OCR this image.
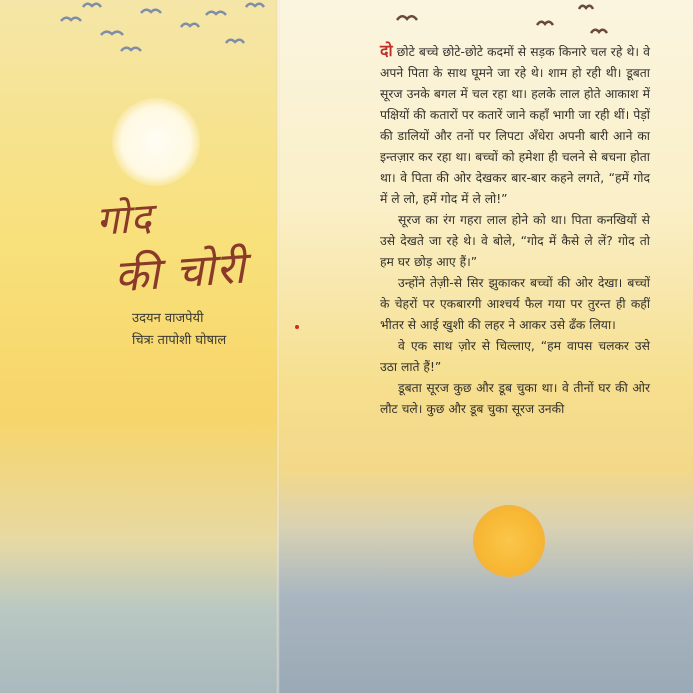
गोद
की चोरी
उदयन वाजपेयी
चित्रः तापोशी घोषाल

दो छोटे बच्चे छोटे-छोटे कदमों से सड़क किनारे चल रहे थे। वे अपने पिता के साथ घूमने जा रहे थे। शाम हो रही थी। डूबता सूरज उनके बगल में चल रहा था। हलके लाल होते आकाश में पक्षियों की कतारों पर कतारें जाने कहाँ भागी जा रही थीं। पेड़ों की डालियों और तनों पर लिपटा अँधेरा अपनी बारी आने का इन्तज़ार कर रहा था। बच्चों को हमेशा ही चलने से बचना होता था। वे पिता की ओर देखकर बार-बार कहने लगते, “हमें गोद में ले लो, हमें गोद में ले लो!”

सूरज का रंग गहरा लाल होने को था। पिता कनखियों से उसे देखते जा रहे थे। वे बोले, “गोद में कैसे ले लें? गोद तो हम घर छोड़ आए हैं।”

उन्होंने तेज़ी-से सिर झुकाकर बच्चों की ओर देखा। बच्चों के चेहरों पर एकबारगी आश्चर्य फैल गया पर तुरन्त ही कहीं भीतर से आई खुशी की लहर ने आकर उसे ढँक लिया।

वे एक साथ ज़ोर से चिल्लाए, “हम वापस चलकर उसे उठा लाते हैं!”

डूबता सूरज कुछ और डूब चुका था। वे तीनों घर की ओर लौट चले। कुछ और डूब चुका सूरज उनकी
